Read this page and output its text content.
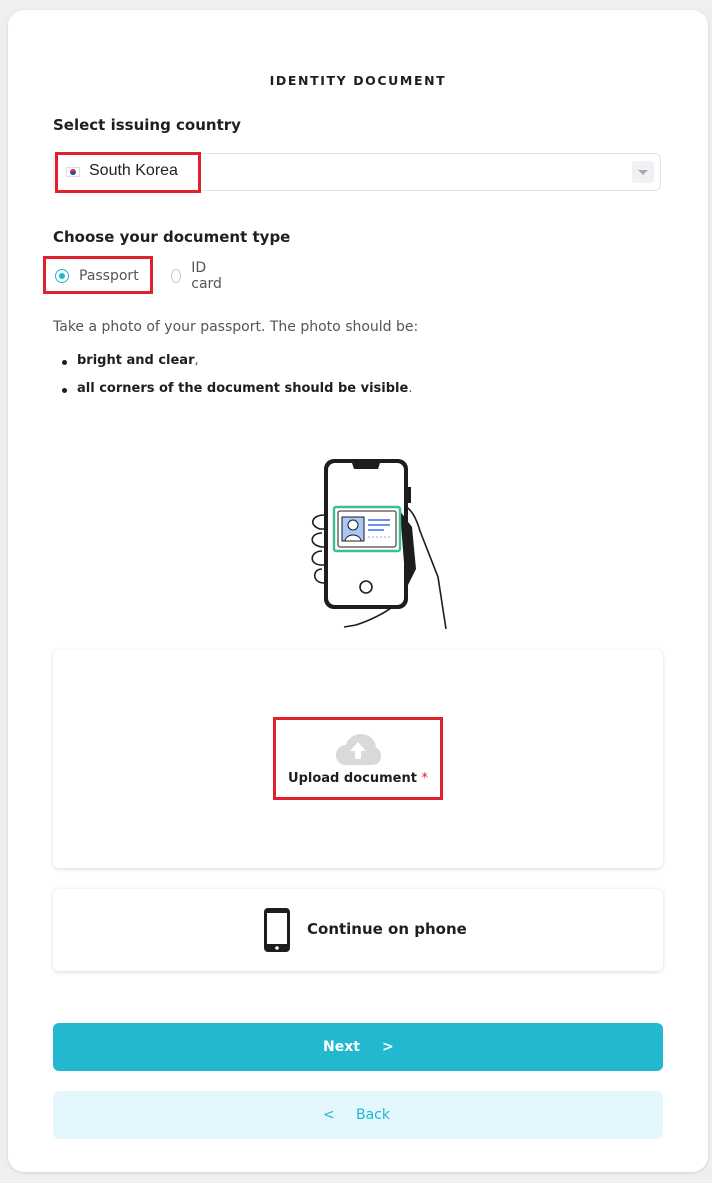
IDENTITY DOCUMENT
Select issuing country
South Korea
Choose your document type
Passport	ID card
Take a photo of your passport. The photo should be:
bright and clear,
all corners of the document should be visible.
Upload document *
Continue on phone
Next >
< Back
